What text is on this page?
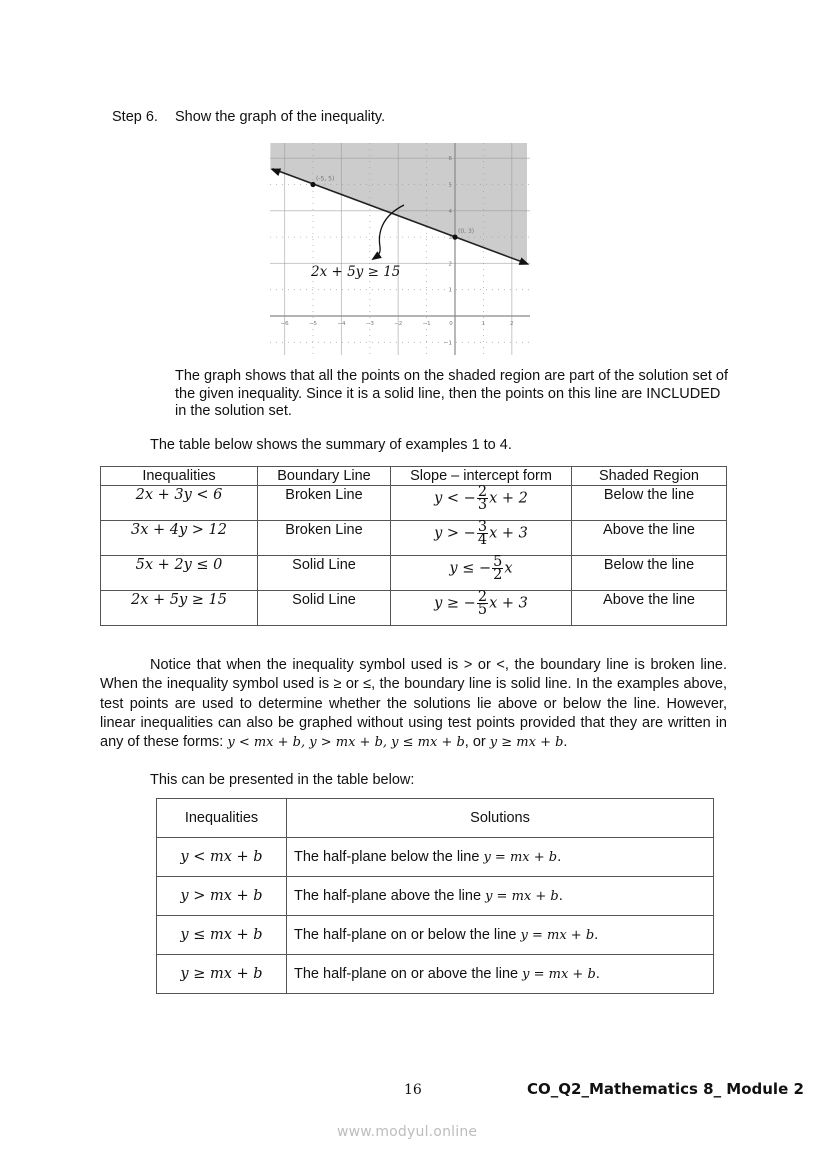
Step 6. Show the graph of the inequality.
−6	−5	−4	−3	−2	−1	0	1	2
−1
1
2
3
4
5
6
(-5, 5)
(0, 3)
2x + 5y ≥ 15
The graph shows that all the points on the shaded region are part of the solution set of the given inequality. Since it is a solid line, then the points on this line are INCLUDED in the solution set.
The table below shows the summary of examples 1 to 4.
Inequalities	Boundary Line	Slope – intercept form	Shaded Region
2x + 3y < 6	Broken Line	y < − $\frac{2}{3}$ x + 2	Below the line
3x + 4y > 12	Broken Line	y > − $\frac{3}{4}$ x + 3	Above the line
5x + 2y ≤ 0	Solid Line	y ≤ − $\frac{5}{2}$ x	Below the line
2x + 5y ≥ 15	Solid Line	y ≥ − $\frac{2}{5}$ x + 3	Above the line
Notice that when the inequality symbol used is > or <, the boundary line is broken line. When the inequality symbol used is ≥ or ≤, the boundary line is solid line. In the examples above, test points are used to determine whether the solutions lie above or below the line. However, linear inequalities can also be graphed without using test points provided that they are written in any of these forms: y < mx + b, y > mx + b, y ≤ mx + b, or y ≥ mx + b.
This can be presented in the table below:
Inequalities	Solutions
y < mx + b	The half-plane below the line y = mx + b.
y > mx + b	The half-plane above the line y = mx + b.
y ≤ mx + b	The half-plane on or below the line y = mx + b.
y ≥ mx + b	The half-plane on or above the line y = mx + b.
16	CO_Q2_Mathematics 8_ Module 2
www.modyul.online
